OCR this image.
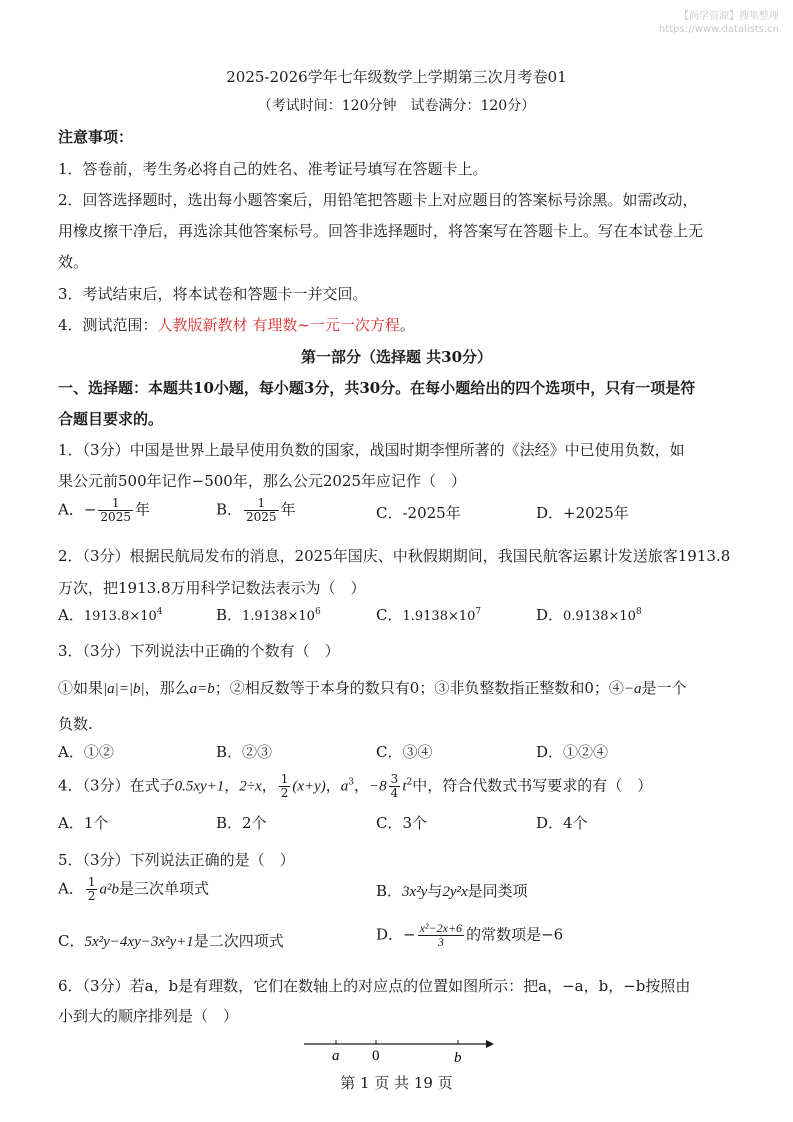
【尚学资源】搜集整理
https://www.datalists.cn
2025-2026学年七年级数学上学期第三次月考卷01
（考试时间：120分钟　试卷满分：120分）
注意事项：
1．答卷前，考生务必将自己的姓名、准考证号填写在答题卡上。
2．回答选择题时，选出每小题答案后，用铅笔把答题卡上对应题目的答案标号涂黑。如需改动，
用橡皮擦干净后，再选涂其他答案标号。回答非选择题时，将答案写在答题卡上。写在本试卷上无
效。
3．考试结束后，将本试卷和答题卡一并交回。
4．测试范围：人教版新教材 有理数~一元一次方程。
第一部分（选择题 共30分）
一、选择题：本题共10小题，每小题3分，共30分。在每小题给出的四个选项中，只有一项是符
合题目要求的。
1．（3分）中国是世界上最早使用负数的国家，战国时期李悝所著的《法经》中已使用负数，如
果公元前500年记作−500年，那么公元2025年应记作（　）
A．− $\frac{1}{2025}$ 年	B． $\frac{1}{2025}$ 年	C．-2025年	D．+2025年
2．（3分）根据民航局发布的消息，2025年国庆、中秋假期期间，我国民航客运累计发送旅客1913.8
万次，把1913.8万用科学记数法表示为（　）
A．$1913.8\times 10^4$	B．$1.9138\times 10^6$	C．$1.9138\times 10^7$	D．$0.9138\times 10^8$
3．（3分）下列说法中正确的个数有（　）
①如果|a|=|b|，那么a=b；②相反数等于本身的数只有0；③非负整数指正整数和0；④−a是一个
负数.
A．①②	B．②③	C．③④	D．①②④
4．（3分）在式子0.5xy+1，2÷x， $\frac{1}{2} (x+y)$，$a^3$，$-8 \frac{3}{4} t^2$中，符合代数式书写要求的有（　）
A．1个	B．2个	C．3个	D．4个
5．（3分）下列说法正确的是（　）
A． $\frac{1}{2} a^2b$是三次单项式	B．3x²y与2y²x是同类项
C．5x²y−4xy−3x²y+1是二次四项式	D．− $\frac{\text{x²−2x+6}}{3}$ 的常数项是−6
6．（3分）若a，b是有理数，它们在数轴上的对应点的位置如图所示：把a，−a，b，−b按照由
小到大的顺序排列是（　）
a 0	b
第 1 页 共 19 页
